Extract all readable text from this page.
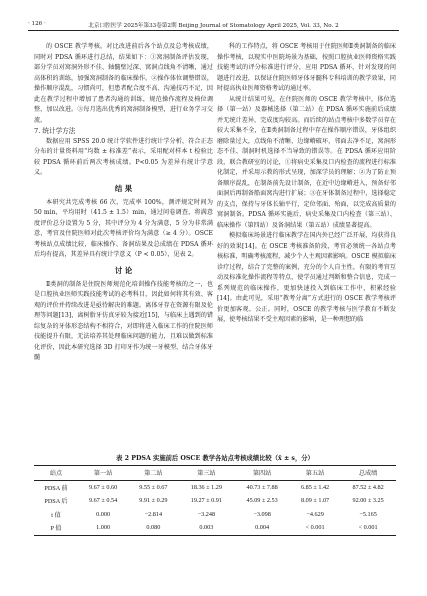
· 126 ·	北京口腔医学 2025年第33卷第2期 Beijing Journal of Stomatology April 2025, Vol. 33, No. 2

的 OSCE 教学考核。对比改进前后各个站点及总考核成绩，同时对 PDSA 循环进行总结，结果如下：①窝洞制备评估发现，部分学员对窝洞外形不佳、轴髓壁过深、窝洞点线角不清晰，通过高体积的训练，加强窝洞制备的临床操作。②操作体位调整错误，操作顺序混乱，习惯尚可，但患者配合度不高、沟通技巧不足，因此在教学过程中增加了患者沟通的训练，规范操作流程及椅位调整，加以改进。③每月选出优秀的窝洞制备模型，进行业务学习交流。

7. 统计学方法

数据应用 SPSS 20.0 统计学软件进行统计学分析，符合正态分布的计量资料用“均数 ± 标准差”表示，采用配对样本 t 检验比较 PDSA 循环前后两次考核成绩。P<0.05 为差异有统计学意义。

结 果

本研究共完成考核 66 次，完成率 100%，测评规定时间为 50 min，平均用时（41.5 ± 1.5）min，通过问卷调查，将满意度评价总分设置为 5 分，其中评分为 4 分为满意，5 分为非常满意，考官及住院医师对此次考核评价均为满意（≥ 4 分）。OSCE 考核站点成绩比较，临床操作、备洞结果及总成绩在 PDSA 循环后均有提高，其差异具有统计学意义（P < 0.05），见表 2。

讨 论

Ⅱ类洞的制备是住院医师规范化培训操作技能考核的之一，也是口腔执业医师实践技能考试的必考科目，因此如何将其有效、客观的评价并持续改进是亟待解决的难题。离体牙存在资源有限及伦理等问题[13]，离树脂牙仿真牙较为接近[15]，与临床上遇到的错综复杂的牙体形态结构不相符合，对即将进入临床工作的住院医师技能提升有限，无法培养其处理临床问题的能力，且难以做到标准化评价，因此本研究选择 3D 打印牙作为统一牙模型，结合牙体牙髓

科的工作特点，将 OSCE 考核用于住院医师Ⅱ类洞制备的临床操作考核，以现实中医院场景为基础，按照口腔执业医师资格实践技能考试的评分标准进行评分，应用 PDSA 循环，针对发现的问题进行改进，以保证住院医师牙体牙髓科专科培训的教学效果，同时提高执业医师资格考试的通过率。

从统计结果可见，在住院医师的 OSCE 教学考核中，体位选择（第一站）及器械选择（第二站）在 PDSA 循环实施前后成绩并无统计差异，完成度均较高。而后续的站点考核中多数学员存在较大采集不全，在Ⅱ类洞制备过程中存在操作顺序错误，牙体组织磨除量过大，点线角不清晰，边缘嵴破坏，邻面去净不足，窝洞形态不佳、制洞时机选择不当导致的错误等。在 PDSA 循环应用阶段，联合教研室的讨论，①将病史采集及口内检查的流程进行标准化制定，并采用示教的形式呈现，加深学员的理解；②为了防止预备顺序混乱，在制备前先设计制备，在近中边缘嵴进入，预备好邻面洞后再制备船面窝沟进行扩展；③在牙体制备过程中，选择稳定的支点，保持与牙体长轴平行，定位邻面、殆面，以完成高质量的窝洞制备。PDSA 循环实施后，病史采集及口内检查（第三站）、临床操作（第四站）及备洞结果（第五站）成绩显著提高。

模拟临床场景进行临床教学在国内外已经广泛开展，均获得良好的效果[14]。在 OSCE 考核准备阶段，考官必须统一各站点考核标准，明确考核流程，减少个人主观因素影响。OSCE 模拟临床诊疗过程，结合了完整的案例，充分的个人自主性，有限的考官互动及标准化操作流程等特点，使学员通过判断和整合信息，完成一系列规范的临床操作，更加快速投入到临床工作中，积累经验[14]。由此可见，采用“教考分离”方式进行的 OSCE 教学考核评价更加客观、公正。同时，OSCE 的教学考核与医学教育不断发展，使考核结果不受主观因素的影响，是一种理想的临

表 2 PDSA 实施前后 OSCE 教学各站点考核成绩比较（x̄ ± s，分）
站点	第一站	第二站	第三站	第四站	第五站	总成绩
PDSA 前	9.67 ± 0.60	9.55 ± 0.67	18.36 ± 1.29	40.73 ± 7.88	6.85 ± 1.42	87.52 ± 4.82
PDSA 后	9.67 ± 0.54	9.91 ± 0.29	19.27 ± 0.91	45.09 ± 2.53	8.09 ± 1.07	92.00 ± 3.25
t 值	0.000	−2.814	−3.248	−3.098	−4.629	−5.165
P 值	1.000	0.080	0.003	0.004	< 0.001	< 0.001
